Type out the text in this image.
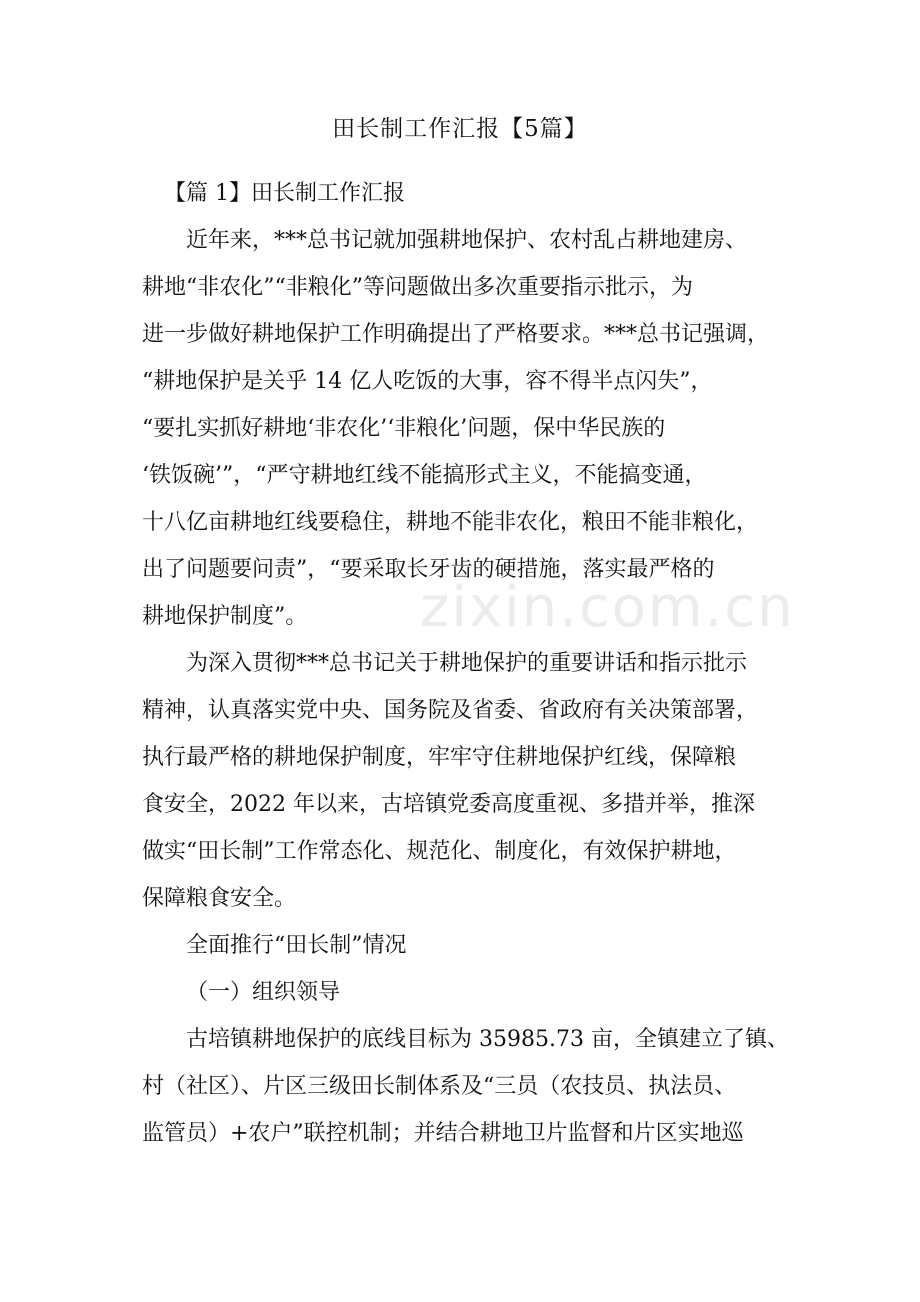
zixin.com.cn
田长制工作汇报【5篇】
【篇 1】田长制工作汇报
近年来，***总书记就加强耕地保护、农村乱占耕地建房、
耕地“非农化”“非粮化”等问题做出多次重要指示批示，为
进一步做好耕地保护工作明确提出了严格要求。***总书记强调，
“耕地保护是关乎 14 亿人吃饭的大事，容不得半点闪失”，
“要扎实抓好耕地‘非农化’‘非粮化’问题，保中华民族的
‘铁饭碗’”，“严守耕地红线不能搞形式主义，不能搞变通，
十八亿亩耕地红线要稳住，耕地不能非农化，粮田不能非粮化，
出了问题要问责”，“要采取长牙齿的硬措施，落实最严格的
耕地保护制度”。
为深入贯彻***总书记关于耕地保护的重要讲话和指示批示
精神，认真落实党中央、国务院及省委、省政府有关决策部署，
执行最严格的耕地保护制度，牢牢守住耕地保护红线，保障粮
食安全，2022 年以来，古培镇党委高度重视、多措并举，推深
做实“田长制”工作常态化、规范化、制度化，有效保护耕地，
保障粮食安全。
全面推行“田长制”情况
（一）组织领导
古培镇耕地保护的底线目标为 35985.73 亩，全镇建立了镇、
村（社区）、片区三级田长制体系及“三员（农技员、执法员、
监管员）+农户”联控机制；并结合耕地卫片监督和片区实地巡
